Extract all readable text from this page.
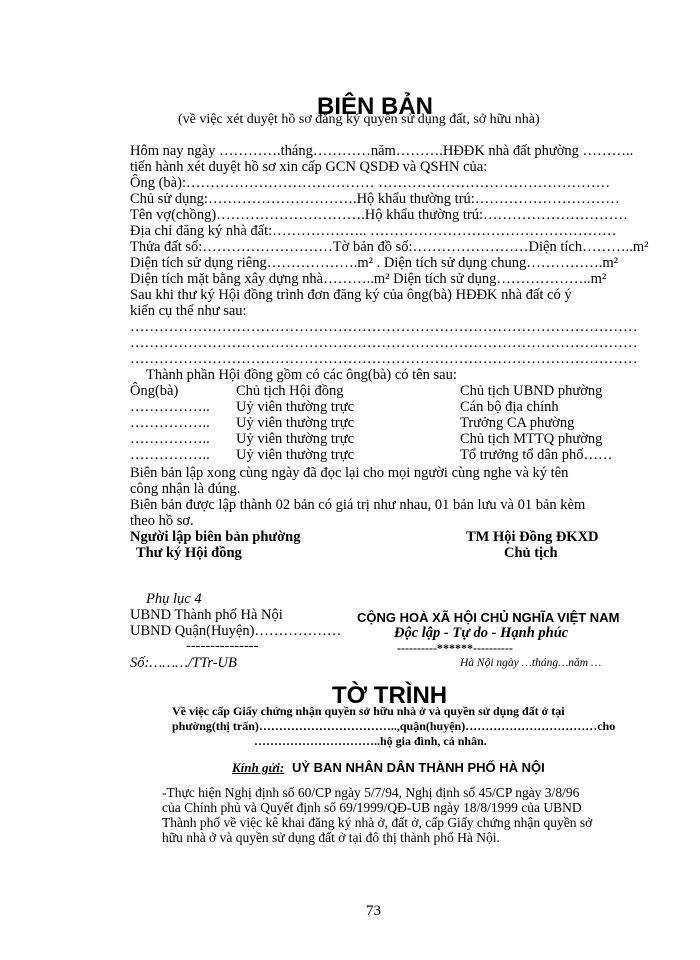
BIÊN BẢN
(về việc xét duyệt hồ sơ đăng ký quyền sử dụng đất, sở hữu nhà)
Hôm nay ngày ………….tháng…………năm……….HĐĐK nhà đất phường ………..
tiến hành xét duyệt hồ sơ xin cấp GCN QSDĐ và QSHN của:
Ông (bà):………………………………… …………………………………………
Chủ sử dụng:………………………….Hộ khẩu thường trú:…………………………
Tên vợ(chồng)………………………….Hộ khẩu thường trú:…………………………
Địa chỉ đăng ký nhà đất:……………….. ……………………………………………
Thửa đất số:………………………Tờ bản đồ số:……………………Diện tích………..m²
Diện tích sử dụng riêng……………….m² . Diện tích sử dụng chung…………….m²
Diện tích mặt bằng xây dựng nhà………..m² Diện tích sử dụng………………..m²
Sau khi thư ký Hội đồng trình đơn đăng ký của ông(bà) HĐĐK nhà đất có ý
kiến cụ thể như sau:
……………………………………………………………………………………………
……………………………………………………………………………………………
……………………………………………………………………………………………
Thành phần Hội đồng gồm có các ông(bà) có tên sau:
Ông(bà)	Chủ tịch Hội đồng	Chủ tịch UBND phường
…………….. Uỷ viên thường trực	Cán bộ địa chính
…………….. Uỷ viên thường trực	Trưởng CA phường
…………….. Uỷ viên thường trực	Chủ tịch MTTQ phường
…………….. Uỷ viên thường trực	Tổ trưởng tổ dân phố……
Biên bản lập xong cùng ngày đã đọc lại cho mọi người cùng nghe và ký tên
công nhận là đúng.
Biên bản được lập thành 02 bản có giá trị như nhau, 01 bản lưu và 01 bản kèm
theo hồ sơ.
Người lập biên bản phường
Thư ký Hội đồng
TM Hội Đồng ĐKXD
Chủ tịch
Phụ lục 4
UBND Thành phố Hà Nội
UBND Quận(Huyện)………………
---------------
CỘNG HOÀ XÃ HỘI CHỦ NGHĨA VIỆT NAM
Độc lập - Tự do - Hạnh phúc
----------******----------
Số:………/TTr-UB	Hà Nội ngày …tháng…năm …
TỜ TRÌNH
Về việc cấp Giấy chứng nhận quyền sở hữu nhà ở và quyền sử dụng đất ở tại
phường(thị trấn)……………………………..,quận(huyện)……………………………cho
…………………………..hộ gia đình, cá nhân.
Kính gửi: UỶ BAN NHÂN DÂN THÀNH PHỐ HÀ NỘI
-Thực hiện Nghị định số 60/CP ngày 5/7/94, Nghị định số 45/CP ngày 3/8/96
của Chính phủ và Quyết định số 69/1999/QĐ-UB ngày 18/8/1999 của UBND
Thành phố về việc kê khai đăng ký nhà ở, đất ở, cấp Giấy chứng nhận quyền sở
hữu nhà ở và quyền sử dụng đất ở tại đô thị thành phố Hà Nội.
73
